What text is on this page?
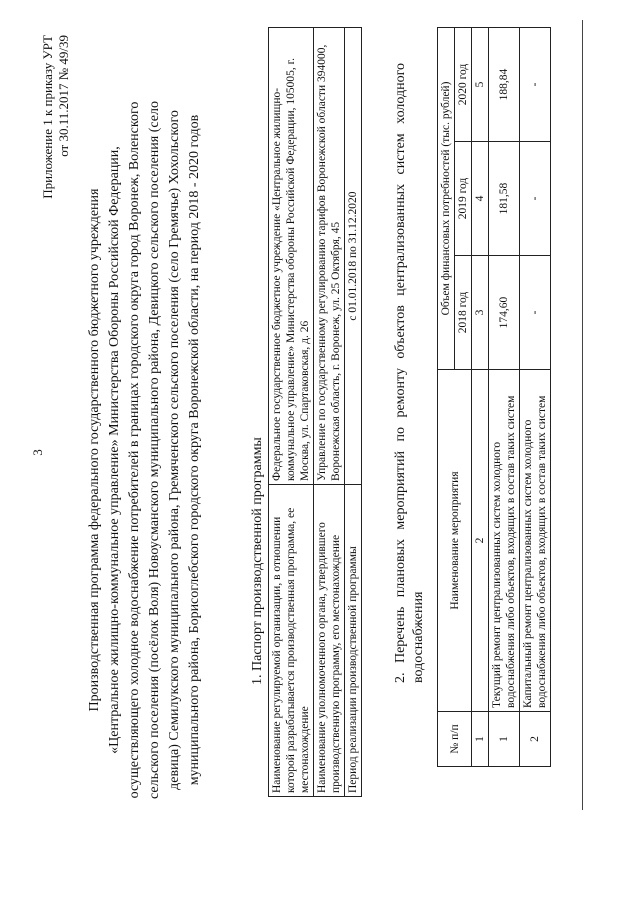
3
Приложение 1 к приказу УРТ от 30.11.2017 № 49/39
Производственная программа федерального государственного бюджетного учреждения «Центральное жилищно-коммунальное управление» Министерства Обороны Российской Федерации, осуществляющего холодное водоснабжение потребителей в границах городского округа город Воронеж, Воленского сельского поселения (посёлок Воля) Новоусманского муниципального района, Девицкого сельского поселения (село девица) Семилукского муниципального района, Гремяченского сельского поселения (село Гремячье) Хохольского муниципального района, Борисоглебского городского округа Воронежской области, на период 2018 - 2020 годов	1. Паспорт производственной программы Наименование регулируемой организации, в отношении которой разрабатывается производственная программа, ее местонахождение	Федеральное государственное бюджетное учреждение «Центральное жилищно-коммунальное управление» Министерства обороны Российской Федерации, 105005, г. Москва, ул. Спартаковская, д. 26
Наименование уполномоченного органа, утвердившего производственную программу, его местонахождение	Управление по государственному регулированию тарифов Воронежской области 394000, Воронежская область, г. Воронеж, ул. 25 Октября, 45
Период реализации производственной программы	с 01.01.2018 по 31.12.2020 2. Перечень плановых мероприятий по ремонту объектов централизованных систем холодного водоснабжения
№ п/п	Наименование мероприятия	Объем финансовых потребностей (тыс. рублей)		
		2018 год	2019 год	2020 год
1	2	3	4	5
1	Текущий ремонт централизованных систем холодного водоснабжения либо объектов, входящих в состав таких систем	174,60	181,58	188,84
2	Капитальный ремонт централизованных систем холодного водоснабжения либо объектов, входящих в состав таких систем	-	-	-
